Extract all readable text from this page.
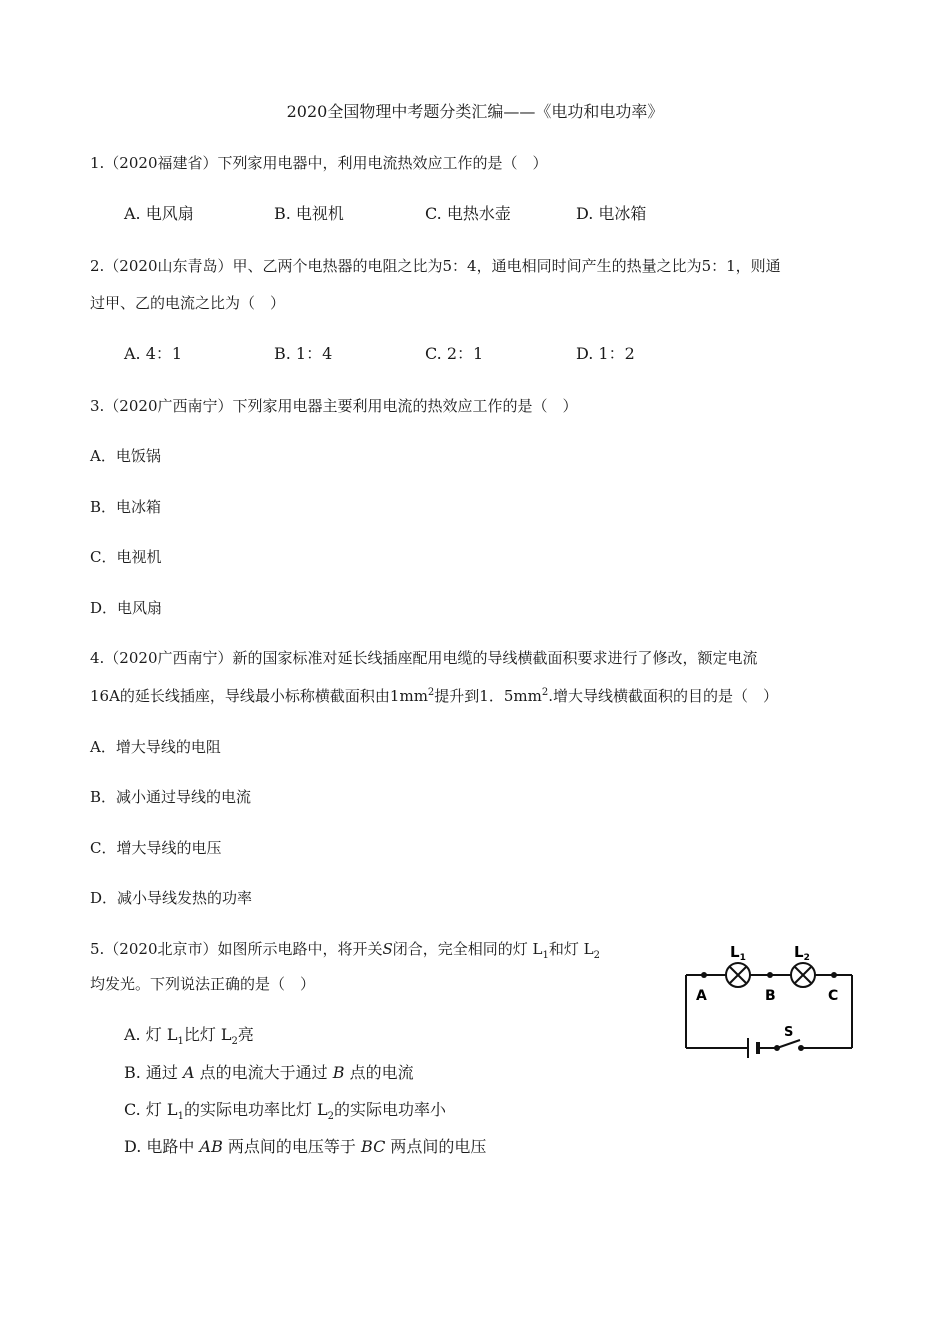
2020全国物理中考题分类汇编——《电功和电功率》
1.（2020福建省）下列家用电器中，利用电流热效应工作的是（　）
A. 电风扇	B. 电视机	C. 电热水壶	D. 电冰箱
2.（2020山东青岛）甲、乙两个电热器的电阻之比为5：4，通电相同时间产生的热量之比为5：1，则通
过甲、乙的电流之比为（　）
A. 4：1	B. 1：4	C. 2：1	D. 1：2
3.（2020广西南宁）下列家用电器主要利用电流的热效应工作的是（　）
A．电饭锅
B．电冰箱
C．电视机
D．电风扇
4.（2020广西南宁）新的国家标准对延长线插座配用电缆的导线横截面积要求进行了修改，额定电流
16A的延长线插座，导线最小标称横截面积由$1mm^2$提升到1．$5mm^2$.增大导线横截面积的目的是（　）
A．增大导线的电阻
B．减小通过导线的电流
C．增大导线的电压
D．减小导线发热的功率
5.（2020北京市）如图所示电路中，将开关S闭合，完全相同的灯 $L_1$和灯 $L_2$
均发光。下列说法正确的是（　）
A. 灯 $L_1$比灯 $L_2$亮
B. 通过 A 点的电流大于通过 B 点的电流
C. 灯 $L_1$的实际电功率比灯 $L_2$的实际电功率小
D. 电路中 AB 两点间的电压等于 BC 两点间的电压
$L_1$	$L_2$
A	B	C
S
